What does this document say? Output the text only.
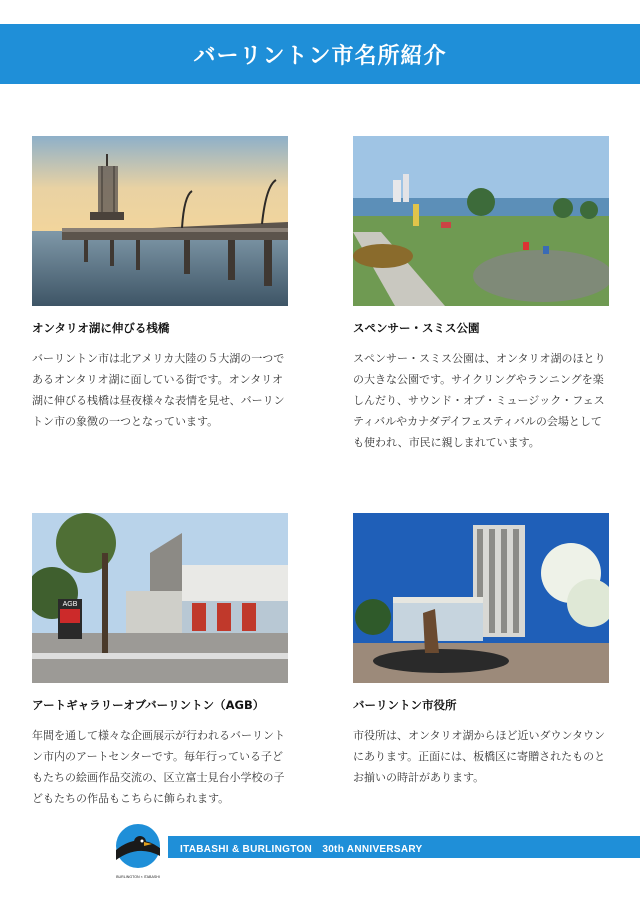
バーリントン市名所紹介
オンタリオ湖に伸びる桟橋
バーリントン市は北アメリカ大陸の５大湖の一つであるオンタリオ湖に面している街です。オンタリオ湖に伸びる桟橋は昼夜様々な表情を見せ、バーリントン市の象徴の一つとなっています。
スペンサー・スミス公園
スペンサー・スミス公園は、オンタリオ湖のほとりの大きな公園です。サイクリングやランニングを楽しんだり、サウンド・オブ・ミュージック・フェスティバルやカナダデイフェスティバルの会場としても使われ、市民に親しまれています。
AGB
アートギャラリーオブバーリントン（AGB）
年間を通して様々な企画展示が行われるバーリントン市内のアートセンターです。毎年行っている子どもたちの絵画作品交流の、区立富士見台小学校の子どもたちの作品もこちらに飾られます。
バーリントン市役所
市役所は、オンタリオ湖からほど近いダウンタウンにあります。正面には、板橋区に寄贈されたものとお揃いの時計があります。
BURLINGTON × ITABASHI
ITABASHI & BURLINGTON　30th ANNIVERSARY
